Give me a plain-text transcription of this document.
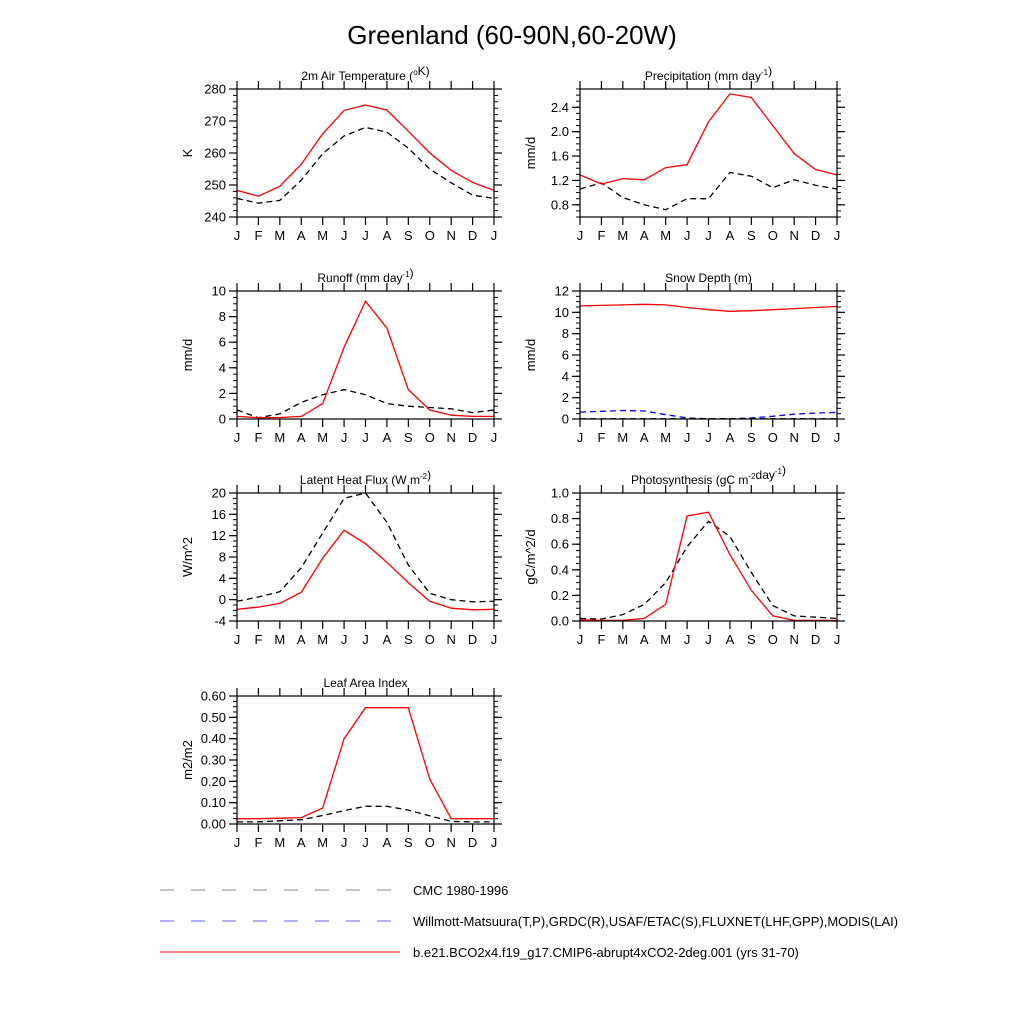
Greenland (60-90N,60-20W)
2m Air Temperature ($^o$K)
K
240
250
260
270
280
J F M A M J J A S O N D J
Precipitation (mm day$^{-1}$)
mm/d
0.8
1.2
1.6
2.0
2.4
J F M A M J J A S O N D J
Runoff (mm day$^{-1}$)
mm/d
0
2
4
6
8
10
J F M A M J J A S O N D J
Snow Depth (m)
mm/d
0
2
4
6
8
10
12
J F M A M J J A S O N D J
Latent Heat Flux (W $m^{-2}$)
W/m^2
-4
0
4
8
12
16
20
J F M A M J J A S O N D J
Photosynthesis (gC $m^{-2}day^{-1}$)
gC/m^2/d
0.0
0.2
0.4
0.6
0.8
1.0
J F M A M J J A S O N D J
Leaf Area Index
m2/m2
0.00
0.10
0.20
0.30
0.40
0.50
0.60
J F M A M J J A S O N D J
CMC 1980-1996
Willmott-Matsuura(T,P),GRDC(R),USAF/ETAC(S),FLUXNET(LHF,GPP),MODIS(LAI)
b.e21.BCO2x4.f19_g17.CMIP6-abrupt4xCO2-2deg.001 (yrs 31-70)
